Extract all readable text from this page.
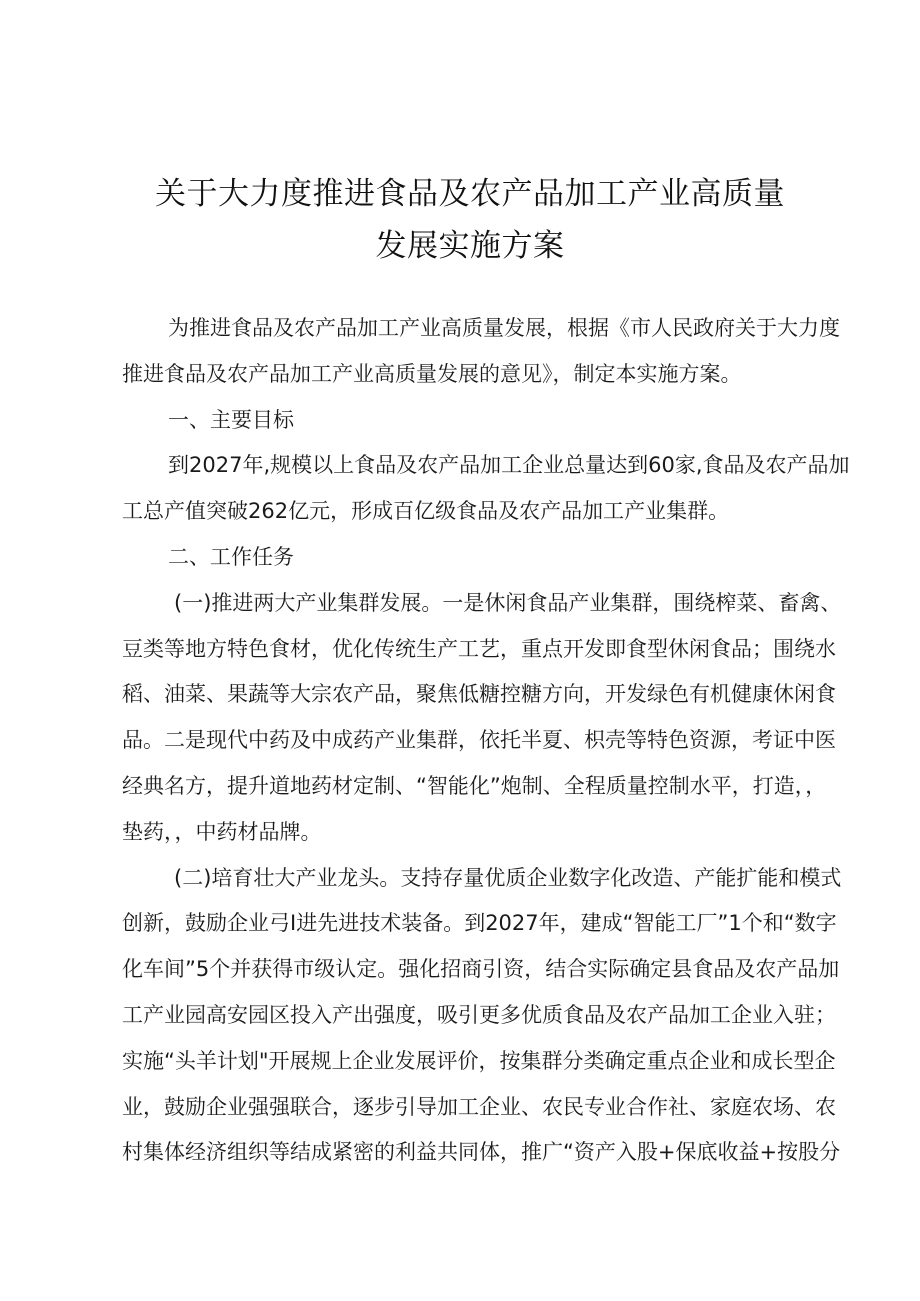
关于大力度推进食品及农产品加工产业高质量
发展实施方案
为推进食品及农产品加工产业高质量发展，根据《市人民政府关于大力度
推进食品及农产品加工产业高质量发展的意见》，制定本实施方案。
一、主要目标
到2027年,规模以上食品及农产品加工企业总量达到60家,食品及农产品加
工总产值突破262亿元，形成百亿级食品及农产品加工产业集群。
二、工作任务
(一)推进两大产业集群发展。一是休闲食品产业集群，围绕榨菜、畜禽、
豆类等地方特色食材，优化传统生产工艺，重点开发即食型休闲食品；围绕水
稻、油菜、果蔬等大宗农产品，聚焦低糖控糖方向，开发绿色有机健康休闲食
品。二是现代中药及中成药产业集群，依托半夏、枳壳等特色资源，考证中医
经典名方，提升道地药材定制、“智能化”炮制、全程质量控制水平，打造，，
垫药，，中药材品牌。
(二)培育壮大产业龙头。支持存量优质企业数字化改造、产能扩能和模式
创新，鼓励企业弓I进先进技术装备。到2027年，建成“智能工厂”1个和“数字
化车间”5个并获得市级认定。强化招商引资，结合实际确定县食品及农产品加
工产业园高安园区投入产出强度，吸引更多优质食品及农产品加工企业入驻；
实施“头羊计划"开展规上企业发展评价，按集群分类确定重点企业和成长型企
业，鼓励企业强强联合，逐步引导加工企业、农民专业合作社、家庭农场、农
村集体经济组织等结成紧密的利益共同体，推广“资产入股+保底收益+按股分
